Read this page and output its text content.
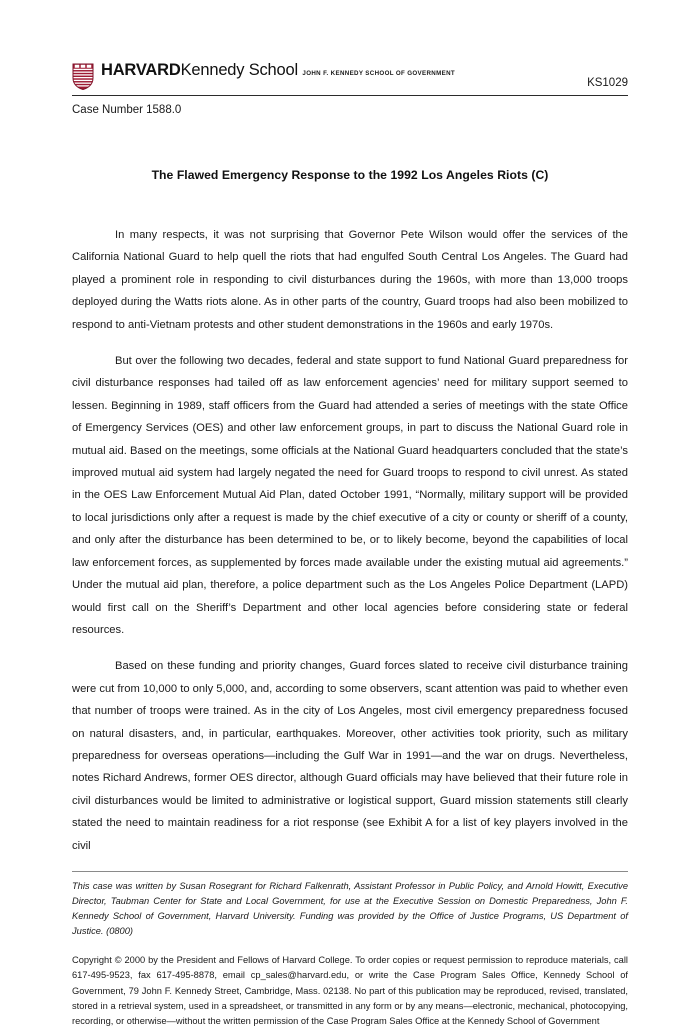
HARVARDKennedy School JOHN F. KENNEDY SCHOOL OF GOVERNMENT
KS1029
Case Number 1588.0
The Flawed Emergency Response to the 1992 Los Angeles Riots (C)

In many respects, it was not surprising that Governor Pete Wilson would offer the services of the California National Guard to help quell the riots that had engulfed South Central Los Angeles. The Guard had played a prominent role in responding to civil disturbances during the 1960s, with more than 13,000 troops deployed during the Watts riots alone. As in other parts of the country, Guard troops had also been mobilized to respond to anti-Vietnam protests and other student demonstrations in the 1960s and early 1970s.

But over the following two decades, federal and state support to fund National Guard preparedness for civil disturbance responses had tailed off as law enforcement agencies’ need for military support seemed to lessen. Beginning in 1989, staff officers from the Guard had attended a series of meetings with the state Office of Emergency Services (OES) and other law enforcement groups, in part to discuss the National Guard role in mutual aid. Based on the meetings, some officials at the National Guard headquarters concluded that the state’s improved mutual aid system had largely negated the need for Guard troops to respond to civil unrest. As stated in the OES Law Enforcement Mutual Aid Plan, dated October 1991, “Normally, military support will be provided to local jurisdictions only after a request is made by the chief executive of a city or county or sheriff of a county, and only after the disturbance has been determined to be, or to likely become, beyond the capabilities of local law enforcement forces, as supplemented by forces made available under the existing mutual aid agreements.” Under the mutual aid plan, therefore, a police department such as the Los Angeles Police Department (LAPD) would first call on the Sheriff’s Department and other local agencies before considering state or federal resources.

Based on these funding and priority changes, Guard forces slated to receive civil disturbance training were cut from 10,000 to only 5,000, and, according to some observers, scant attention was paid to whether even that number of troops were trained. As in the city of Los Angeles, most civil emergency preparedness focused on natural disasters, and, in particular, earthquakes. Moreover, other activities took priority, such as military preparedness for overseas operations—including the Gulf War in 1991—and the war on drugs. Nevertheless, notes Richard Andrews, former OES director, although Guard officials may have believed that their future role in civil disturbances would be limited to administrative or logistical support, Guard mission statements still clearly stated the need to maintain readiness for a riot response (see Exhibit A for a list of key players involved in the civil

This case was written by Susan Rosegrant for Richard Falkenrath, Assistant Professor in Public Policy, and Arnold Howitt, Executive Director, Taubman Center for State and Local Government, for use at the Executive Session on Domestic Preparedness, John F. Kennedy School of Government, Harvard University. Funding was provided by the Office of Justice Programs, US Department of Justice. (0800)

Copyright © 2000 by the President and Fellows of Harvard College. To order copies or request permission to reproduce materials, call 617-495-9523, fax 617-495-8878, email cp_sales@harvard.edu, or write the Case Program Sales Office, Kennedy School of Government, 79 John F. Kennedy Street, Cambridge, Mass. 02138. No part of this publication may be reproduced, revised, translated, stored in a retrieval system, used in a spreadsheet, or transmitted in any form or by any means—electronic, mechanical, photocopying, recording, or otherwise—without the written permission of the Case Program Sales Office at the Kennedy School of Government
